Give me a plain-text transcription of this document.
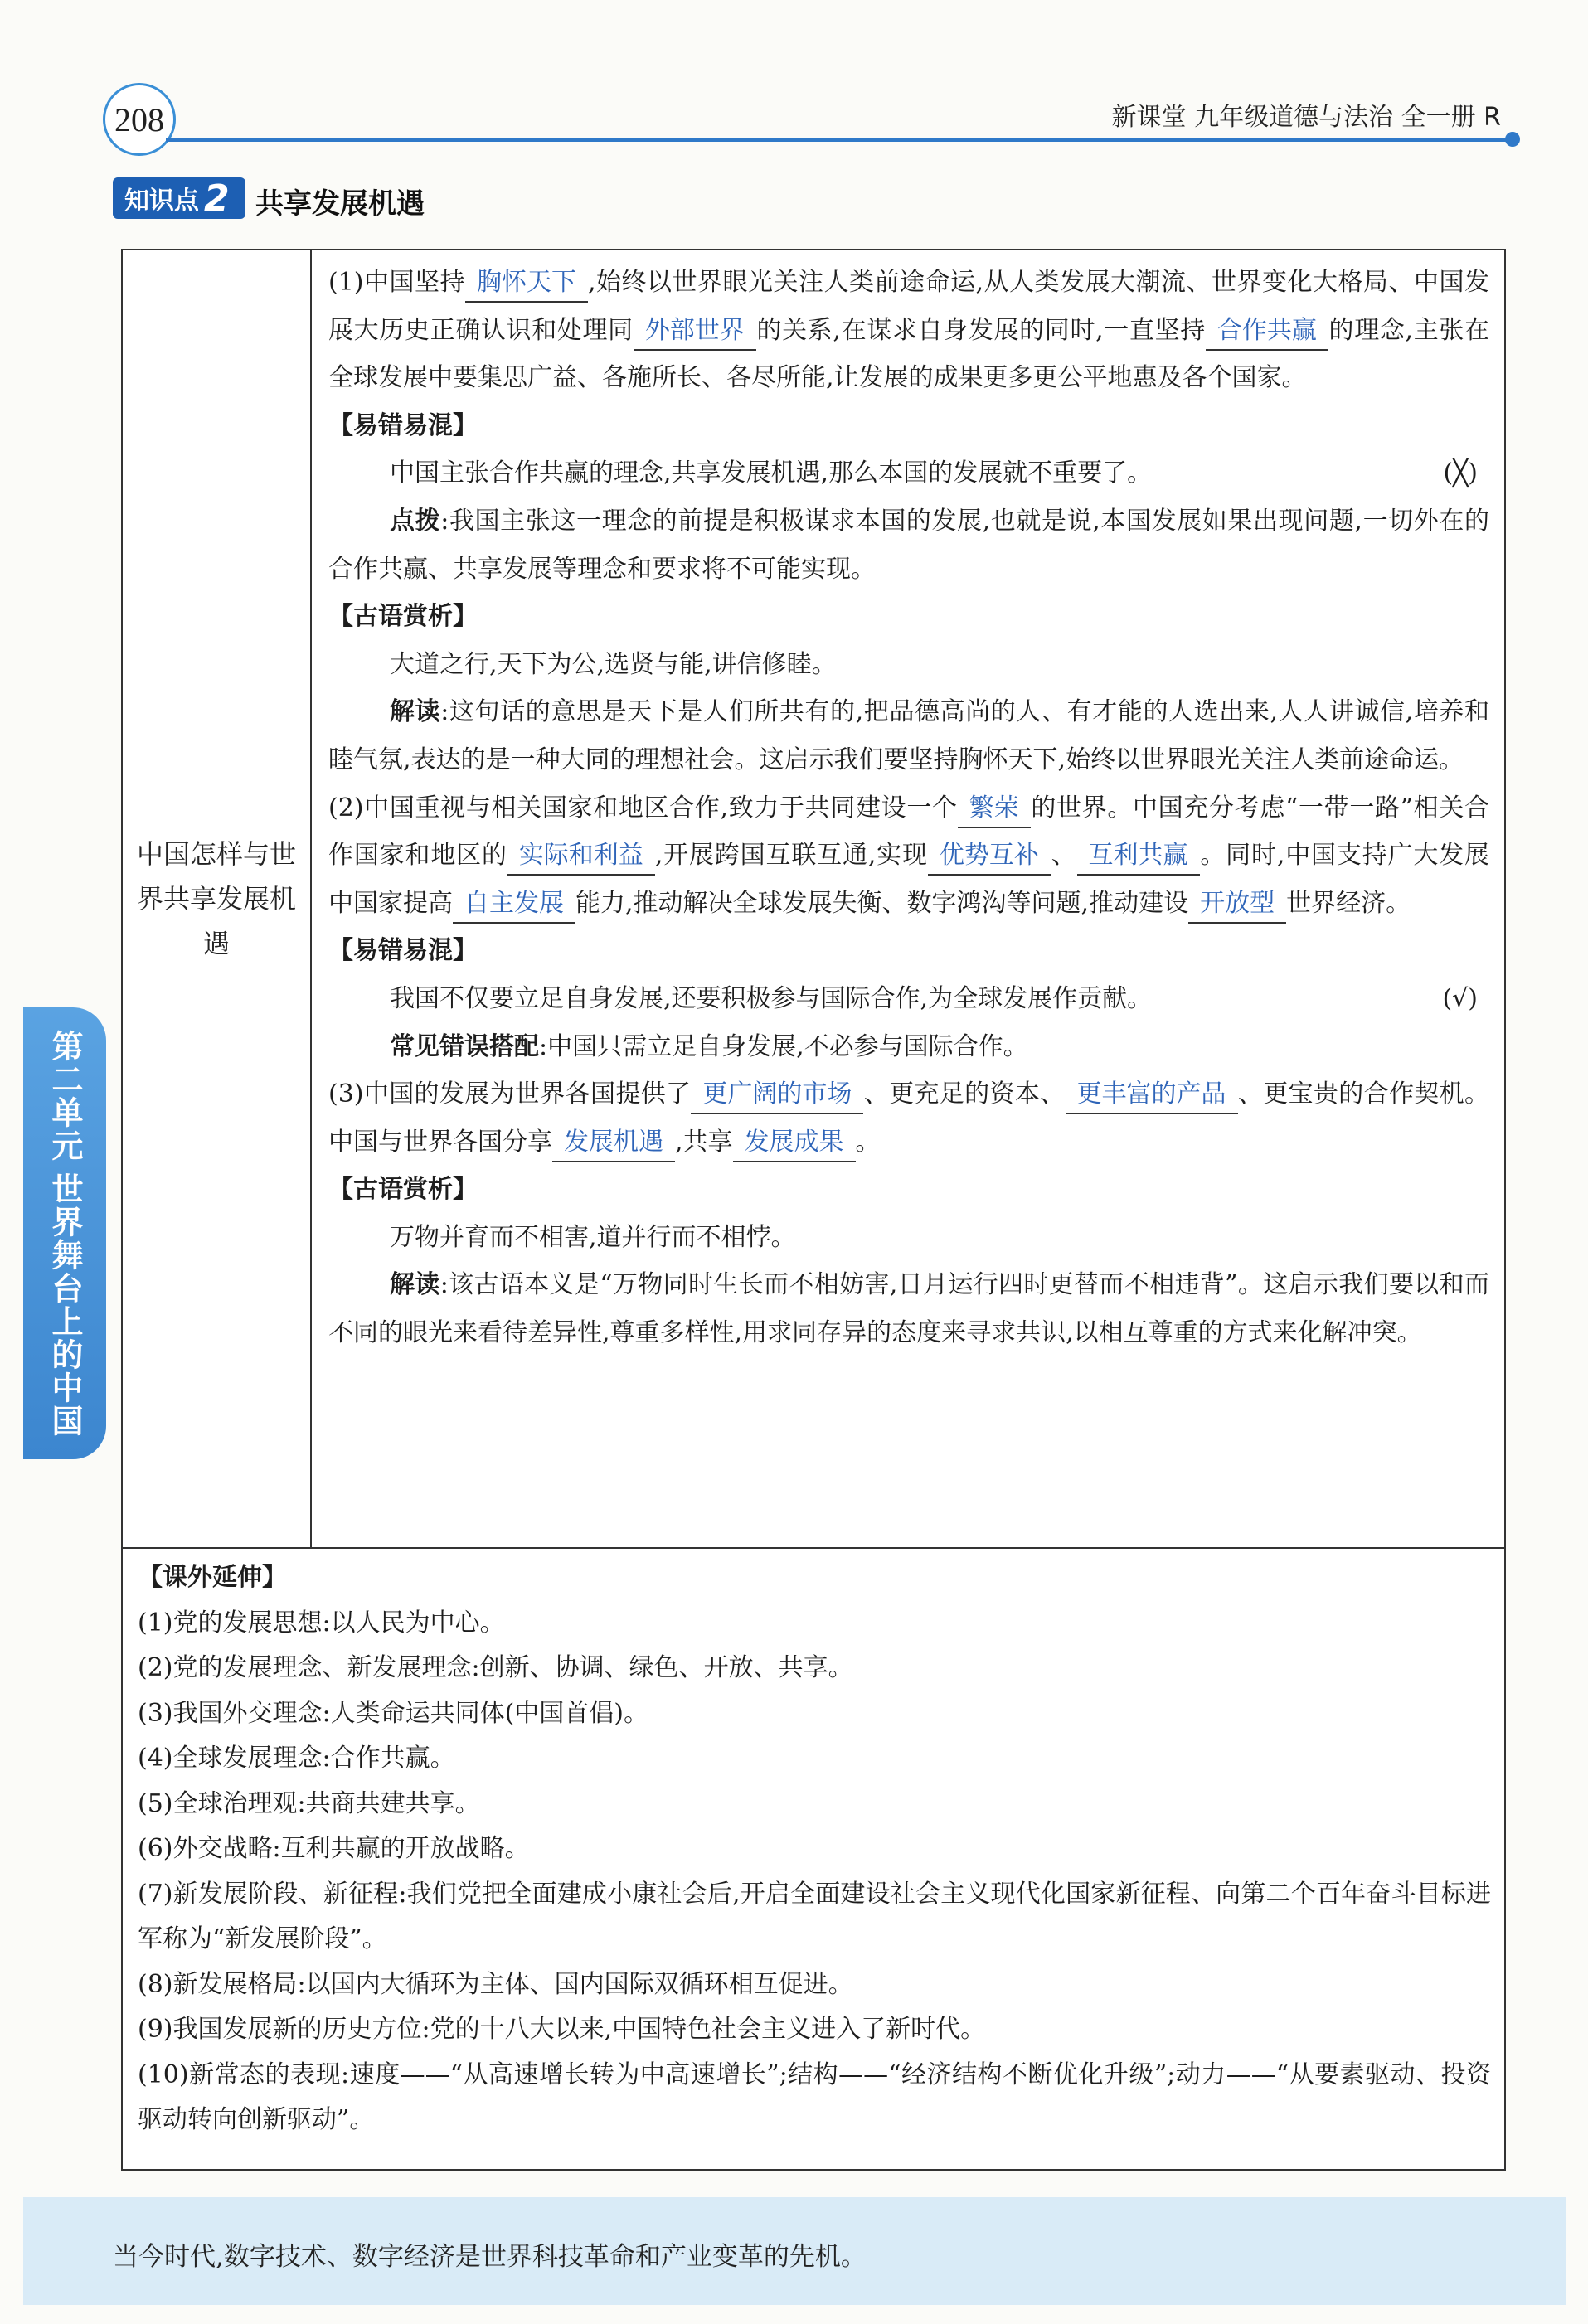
208	新课堂 九年级道德与法治 全一册 R
知识点 2 共享发展机遇
第二单元
世界舞台上的中国
中国怎样与世界共享发展机遇

(1)中国坚持 胸怀天下 ,始终以世界眼光关注人类前途命运,从人类发展大潮流、世界变化大格局、中国发展大历史正确认识和处理同 外部世界 的关系,在谋求自身发展的同时,一直坚持 合作共赢 的理念,主张在全球发展中要集思广益、各施所长、各尽所能,让发展的成果更多更公平地惠及各个国家。

【易错易混】

中国主张合作共赢的理念,共享发展机遇,那么本国的发展就不重要了。	(╳)

点拨:我国主张这一理念的前提是积极谋求本国的发展,也就是说,本国发展如果出现问题,一切外在的合作共赢、共享发展等理念和要求将不可能实现。

【古语赏析】

大道之行,天下为公,选贤与能,讲信修睦。

解读:这句话的意思是天下是人们所共有的,把品德高尚的人、有才能的人选出来,人人讲诚信,培养和睦气氛,表达的是一种大同的理想社会。这启示我们要坚持胸怀天下,始终以世界眼光关注人类前途命运。

(2)中国重视与相关国家和地区合作,致力于共同建设一个 繁荣 的世界。中国充分考虑“一带一路”相关合作国家和地区的 实际和利益 ,开展跨国互联互通,实现 优势互补 、 互利共赢 。同时,中国支持广大发展中国家提高 自主发展 能力,推动解决全球发展失衡、数字鸿沟等问题,推动建设 开放型 世界经济。

【易错易混】

我国不仅要立足自身发展,还要积极参与国际合作,为全球发展作贡献。	(√)

常见错误搭配:中国只需立足自身发展,不必参与国际合作。

(3)中国的发展为世界各国提供了 更广阔的市场 、更充足的资本、 更丰富的产品 、更宝贵的合作契机。中国与世界各国分享 发展机遇 ,共享 发展成果 。

【古语赏析】

万物并育而不相害,道并行而不相悖。

解读:该古语本义是“万物同时生长而不相妨害,日月运行四时更替而不相违背”。这启示我们要以和而不同的眼光来看待差异性,尊重多样性,用求同存异的态度来寻求共识,以相互尊重的方式来化解冲突。

【课外延伸】

(1)党的发展思想:以人民为中心。

(2)党的发展理念、新发展理念:创新、协调、绿色、开放、共享。

(3)我国外交理念:人类命运共同体(中国首倡)。

(4)全球发展理念:合作共赢。

(5)全球治理观:共商共建共享。

(6)外交战略:互利共赢的开放战略。

(7)新发展阶段、新征程:我们党把全面建成小康社会后,开启全面建设社会主义现代化国家新征程、向第二个百年奋斗目标进军称为“新发展阶段”。

(8)新发展格局:以国内大循环为主体、国内国际双循环相互促进。

(9)我国发展新的历史方位:党的十八大以来,中国特色社会主义进入了新时代。

(10)新常态的表现:速度——“从高速增长转为中高速增长”;结构——“经济结构不断优化升级”;动力——“从要素驱动、投资驱动转向创新驱动”。

当今时代,数字技术、数字经济是世界科技革命和产业变革的先机。
